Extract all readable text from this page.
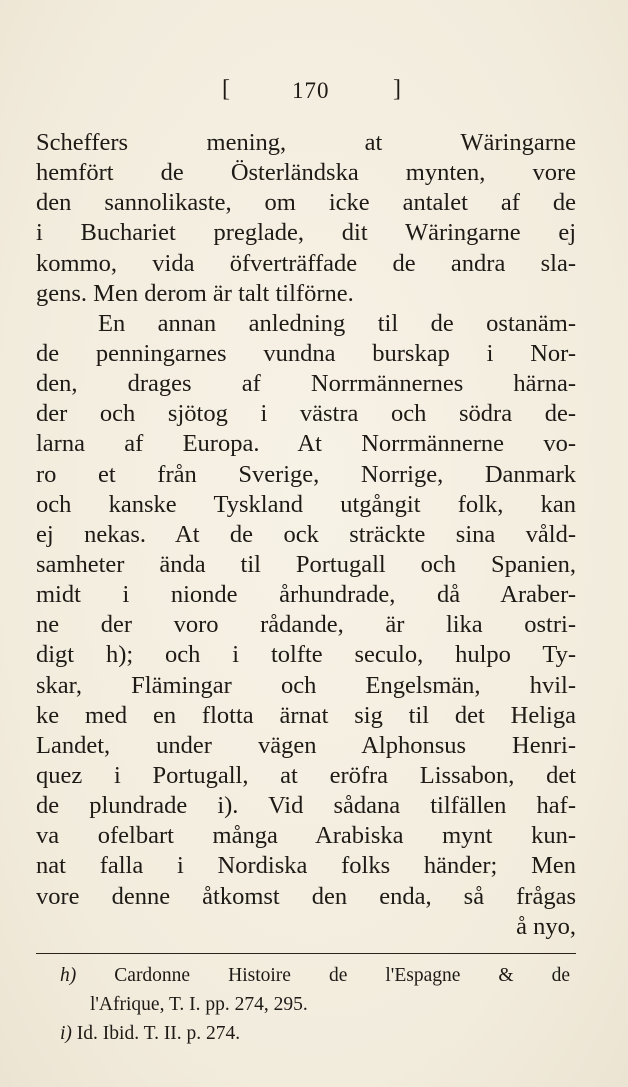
[	170	]
Scheffers mening, at Wäringarne
hemfört de Österländska mynten, vore
den sannolikaste, om icke antalet af de
i Buchariet preglade, dit Wäringarne ej
kommo, vida öfverträffade de andra sla-
gens. Men derom är talt tilförne.
En annan anledning til de ostanäm-
de penningarnes vundna burskap i Nor-
den, drages af Norrmännernes härna-
der och sjötog i västra och södra de-
larna af Europa. At Norrmännerne vo-
ro et från Sverige, Norrige, Danmark
och kanske Tyskland utgångit folk, kan
ej nekas. At de ock sträckte sina våld-
samheter ända til Portugall och Spanien,
midt i nionde århundrade, då Araber-
ne der voro rådande, är lika ostri-
digt h); och i tolfte seculo, hulpo Ty-
skar, Flämingar och Engelsmän, hvil-
ke med en flotta ärnat sig til det Heliga
Landet, under vägen Alphonsus Henri-
quez i Portugall, at eröfra Lissabon, det
de plundrade i). Vid sådana tilfällen haf-
va ofelbart många Arabiska mynt kun-
nat falla i Nordiska folks händer; Men
vore denne åtkomst den enda, så frågas
å nyo,
h) Cardonne Histoire de l'Espagne & de
l'Afrique, T. I. pp. 274, 295.
i) Id. Ibid. T. II. p. 274.
